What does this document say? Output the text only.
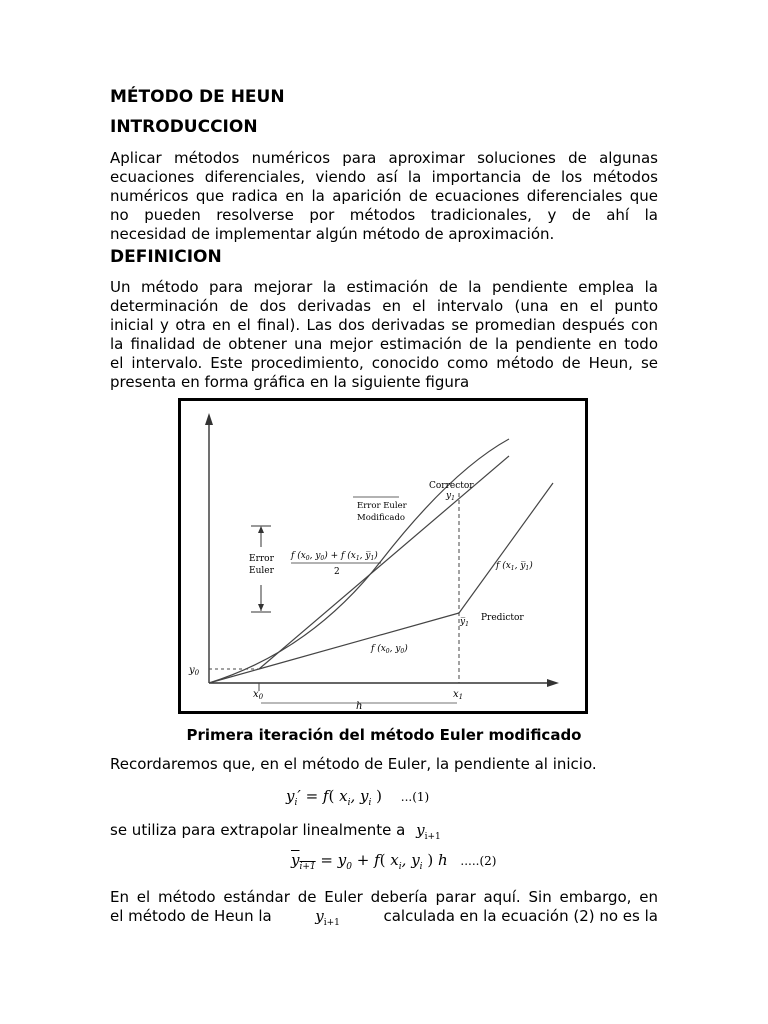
MÉTODO DE HEUN
INTRODUCCION
Aplicar métodos numéricos para aproximar soluciones de algunas
ecuaciones diferenciales, viendo así la importancia de los métodos
numéricos que radica en la aparición de ecuaciones diferenciales que
no pueden resolverse por métodos tradicionales, y de ahí la
necesidad de implementar algún método de aproximación.
DEFINICION
Un método para mejorar la estimación de la pendiente emplea la
determinación de dos derivadas en el intervalo (una en el punto
inicial y otra en el final). Las dos derivadas se promedian después con
la finalidad de obtener una mejor estimación de la pendiente en todo
el intervalo. Este procedimiento, conocido como método de Heun, se
presenta en forma gráfica en la siguiente figura
$y_0$
Corrector
$y_1$
Error Euler
Modificado
Error
Euler
f ($x_0$, $y_0) + f$ ($x_1$, $y̅_1$)
2
f ($x_1$, $y̅_1$)
$y̅_1$
Predictor
f ($x_0$, $y_0$)
$x_0$	$x_1$
h
Primera iteración del método Euler modificado
Recordaremos que, en el método de Euler, la pendiente al inicio.
$y_i' = f$( $x_i$, $y_i$ ) ...(1)
se utiliza para extrapolar linealmente a $y_{i+1}$
$y_{i+1} = y_0 + f$( $x_i$, $y_i$ ) h .....(2)
En el método estándar de Euler debería parar aquí. Sin embargo, en
el método de Heun la	$y_{i+1}$	calculada en la ecuación (2) no es la
